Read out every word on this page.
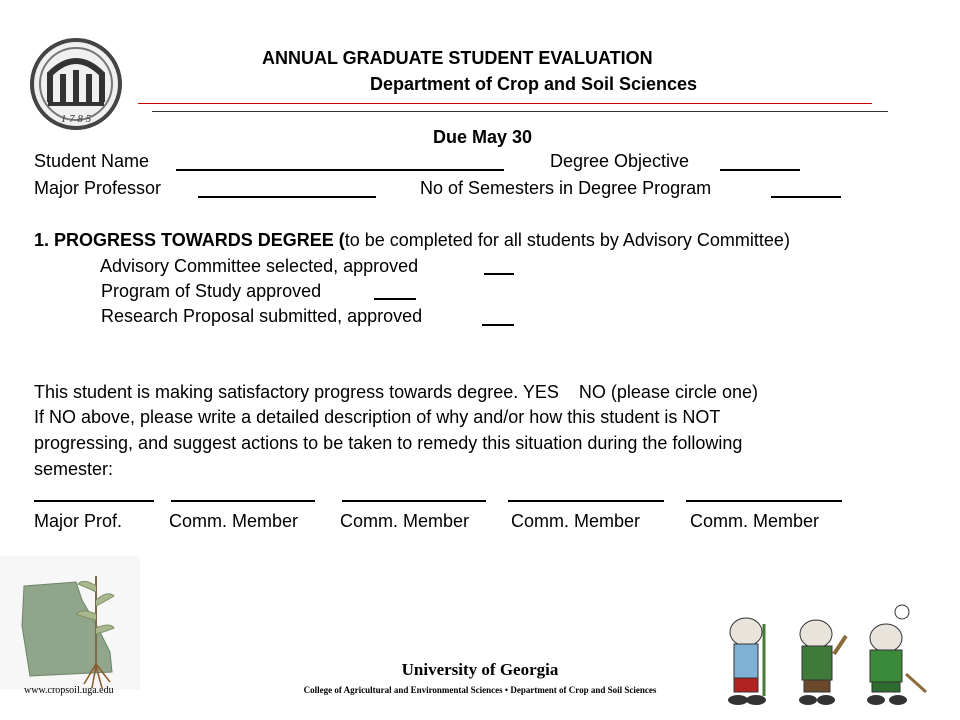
1 7 8 5
ANNUAL GRADUATE STUDENT EVALUATION
Department of Crop and Soil Sciences
Due May 30
Student Name	Degree Objective
Major Professor	No of Semesters in Degree Program
1. PROGRESS TOWARDS DEGREE (to be completed for all students by Advisory Committee)
Advisory Committee selected, approved
Program of Study approved
Research Proposal submitted, approved
This student is making satisfactory progress towards degree. YES    NO (please circle one)
If NO above, please write a detailed description of why and/or how this student is NOT
progressing, and suggest actions to be taken to remedy this situation during the following
semester:
Major Prof.	Comm. Member Comm. Member Comm. Member	Comm. Member
www.cropsoil.uga.edu
University of Georgia
College of Agricultural and Environmental Sciences • Department of Crop and Soil Sciences
